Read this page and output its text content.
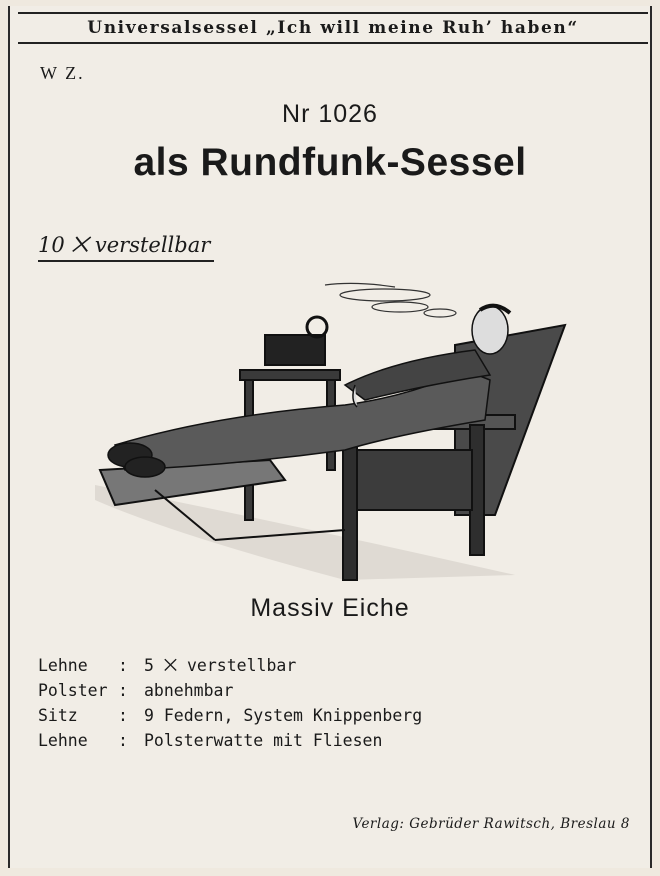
Universalsessel „Ich will meine Ruh’ haben“
W Z.
Nr 1026
als Rundfunk-Sessel
10 ⨉ verstellbar
Massiv Eiche
Lehne	: 5 ⨉ verstellbar
Polster : abnehmbar
Sitz	: 9 Federn, System Knippenberg
Lehne	: Polsterwatte mit Fliesen
Verlag: Gebrüder Rawitsch, Breslau 8
